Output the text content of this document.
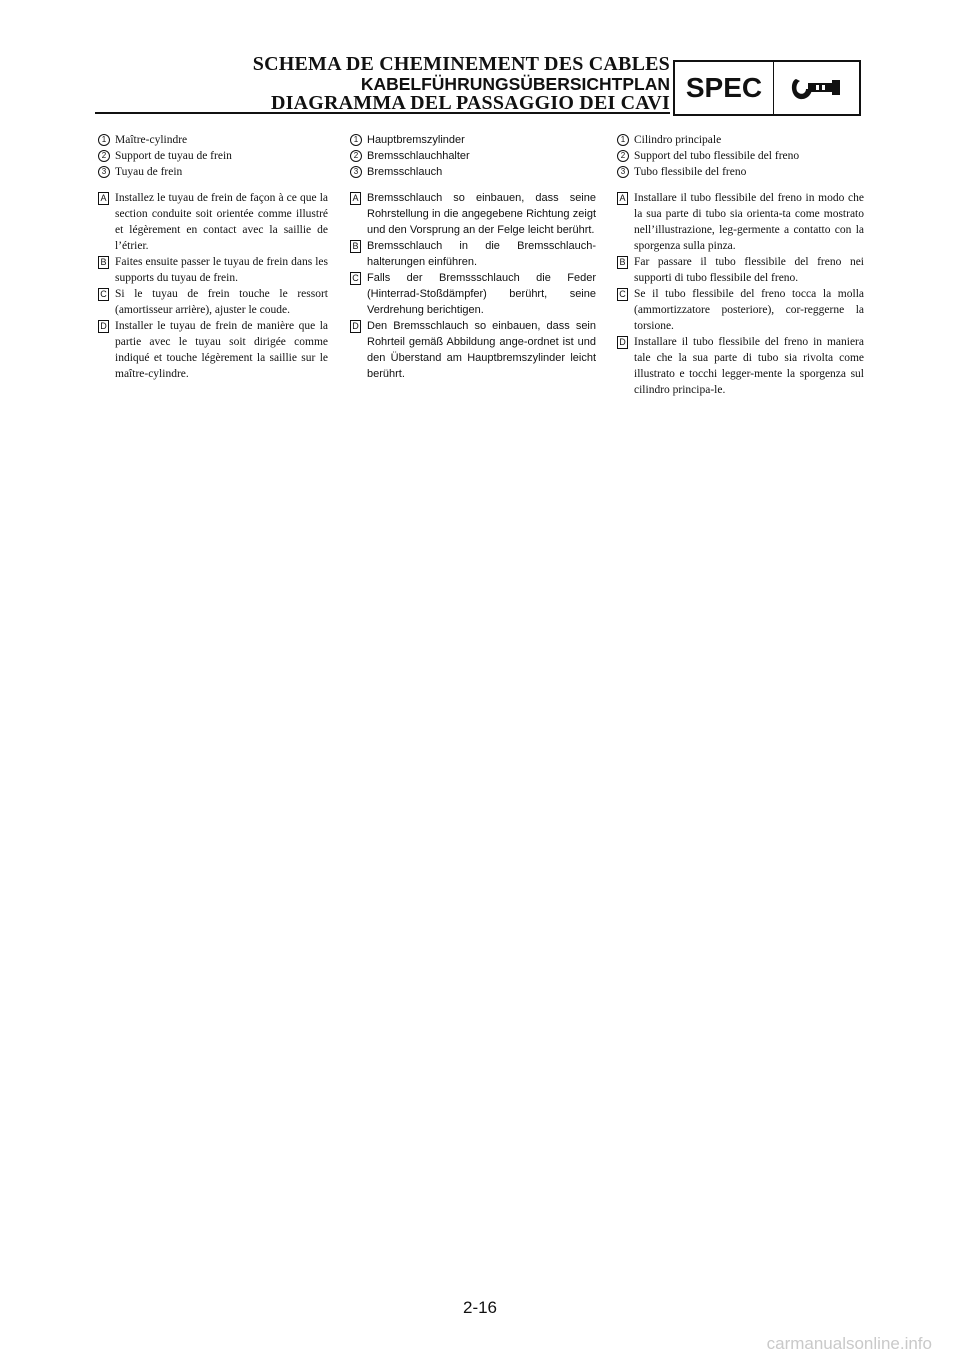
SCHEMA DE CHEMINEMENT DES CABLES
KABELFÜHRUNGSÜBERSICHTPLAN
DIAGRAMMA DEL PASSAGGIO DEI CAVI
SPEC
1 Maître-cylindre
2 Support de tuyau de frein
3 Tuyau de frein
A Installez le tuyau de frein de façon à ce que la section conduite soit orientée comme illustré et légèrement en contact avec la saillie de l’étrier.
B Faites ensuite passer le tuyau de frein dans les supports du tuyau de frein.
C Si le tuyau de frein touche le ressort (amortisseur arrière), ajuster le coude.
D Installer le tuyau de frein de manière que la partie avec le tuyau soit dirigée comme indiqué et touche légèrement la saillie sur le maître-cylindre.
1 Hauptbremszylinder
2 Bremsschlauchhalter
3 Bremsschlauch
A Bremsschlauch so einbauen, dass seine Rohrstellung in die angegebene Richtung zeigt und den Vorsprung an der Felge leicht berührt.
B Bremsschlauch in die Bremsschlauch-halterungen einführen.
C Falls der Bremssschlauch die Feder (Hinterrad-Stoßdämpfer) berührt, seine Verdrehung berichtigen.
D Den Bremsschlauch so einbauen, dass sein Rohrteil gemäß Abbildung ange-ordnet ist und den Überstand am Hauptbremszylinder leicht berührt.
1 Cilindro principale
2 Support del tubo flessibile del freno
3 Tubo flessibile del freno
A Installare il tubo flessibile del freno in modo che la sua parte di tubo sia orienta-ta come mostrato nell’illustrazione, leg-germente a contatto con la sporgenza sulla pinza.
B Far passare il tubo flessibile del freno nei supporti di tubo flessibile del freno.
C Se il tubo flessibile del freno tocca la molla (ammortizzatore posteriore), cor-reggerne la torsione.
D Installare il tubo flessibile del freno in maniera tale che la sua parte di tubo sia rivolta come illustrato e tocchi legger-mente la sporgenza sul cilindro principa-le.
2-16
carmanualsonline.info
